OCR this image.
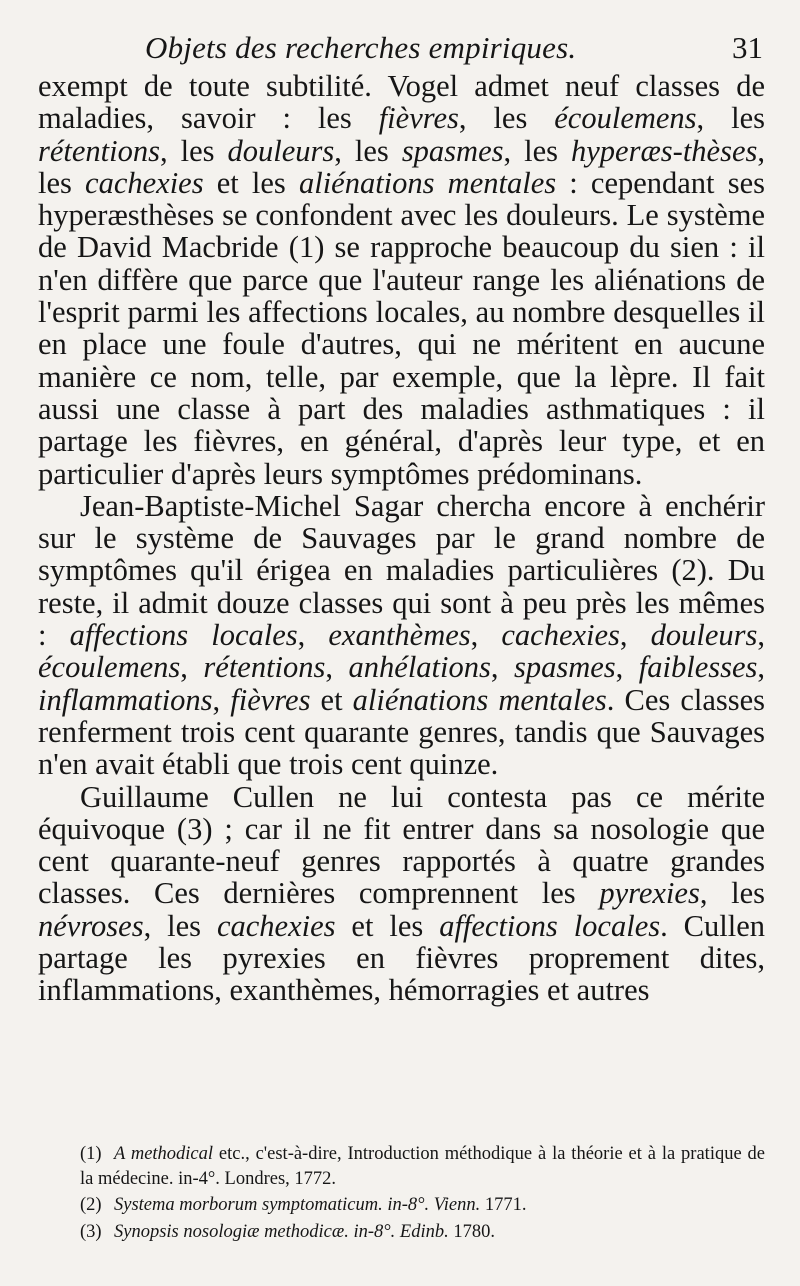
Objets des recherches empiriques.	31

exempt de toute subtilité. Vogel admet neuf classes de maladies, savoir : les fièvres, les écoulemens, les rétentions, les douleurs, les spasmes, les hyperæs-thèses, les cachexies et les aliénations mentales : cependant ses hyperæsthèses se confondent avec les douleurs. Le système de David Macbride (1) se rapproche beaucoup du sien : il n'en diffère que parce que l'auteur range les aliénations de l'esprit parmi les affections locales, au nombre desquelles il en place une foule d'autres, qui ne méritent en aucune manière ce nom, telle, par exemple, que la lèpre. Il fait aussi une classe à part des maladies asthmatiques : il partage les fièvres, en général, d'après leur type, et en particulier d'après leurs symptômes prédominans.

Jean-Baptiste-Michel Sagar chercha encore à enchérir sur le système de Sauvages par le grand nombre de symptômes qu'il érigea en maladies particulières (2). Du reste, il admit douze classes qui sont à peu près les mêmes : affections locales, exanthèmes, cachexies, douleurs, écoulemens, rétentions, anhélations, spasmes, faiblesses, inflammations, fièvres et aliénations mentales. Ces classes renferment trois cent quarante genres, tandis que Sauvages n'en avait établi que trois cent quinze.

Guillaume Cullen ne lui contesta pas ce mérite équivoque (3) ; car il ne fit entrer dans sa nosologie que cent quarante-neuf genres rapportés à quatre grandes classes. Ces dernières comprennent les pyrexies, les névroses, les cachexies et les affections locales. Cullen partage les pyrexies en fièvres proprement dites, inflammations, exanthèmes, hémorragies et autres

(1) A methodical etc., c'est-à-dire, Introduction méthodique à la théorie et à la pratique de la médecine. in-4°. Londres, 1772.
(2) Systema morborum symptomaticum. in-8°. Vienn. 1771.
(3) Synopsis nosologiæ methodicæ. in-8°. Edinb. 1780.
